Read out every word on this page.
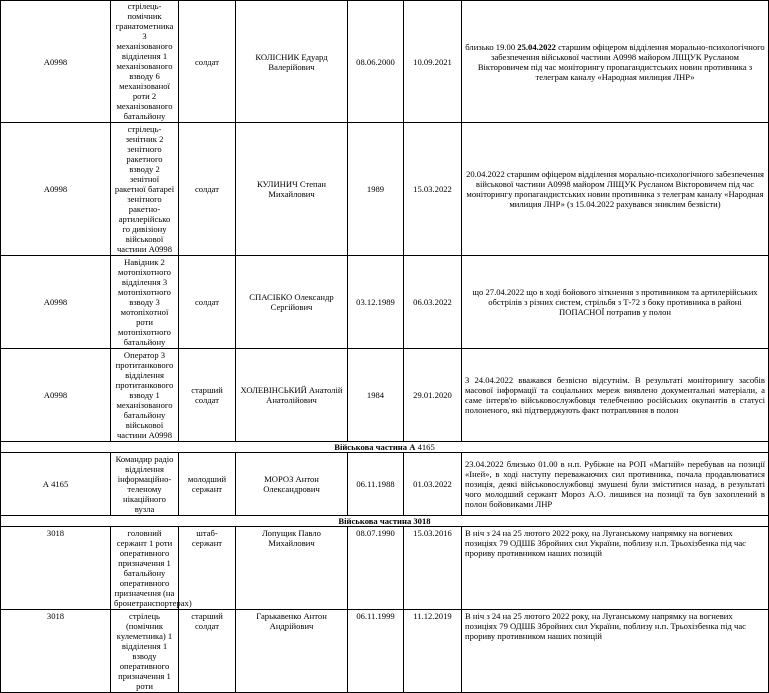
A0998	стрілець-помічник гранатометника 3 механізованого відділення 1 механізованого взводу 6 механізованої роти 2 механізованого батальйону	солдат	КОЛІСНИК Едуард Валерійович	08.06.2000	10.09.2021	близько 19.00 25.04.2022 старшим офіцером відділення морально-психологічного забезпечення військової частини А0998 майором ЛІЩУК Русланом Вікторовичем під час моніторингу пропагандистських новин противника з телеграм каналу «Народная милиция ЛНР»
A0998	стрілець-зенітник 2 зенітного ракетного взводу 2 зенітної ракетної батареї зенітного ракетно-артилерійсько го дивізіону військової частини А0998	солдат	КУЛИНИЧ Степан Михайлович	1989	15.03.2022	20.04.2022 старшим офіцером відділення морально-психологічного забезпечення військової частини А0998 майором ЛІЩУК Русланом Вікторовичем під час моніторингу пропагандистських новин противника з телеграм каналу «Народная милиция ЛНР» (з 15.04.2022 рахувався зниклим безвісти)
A0998	Навідник 2 мотопіхотного відділення 3 мотопіхотного взводу 3 мотопіхотної роти мотопіхотного батальйону	солдат	СПАСІБКО Олександр Сергійович	03.12.1989	06.03.2022	що 27.04.2022 що в ході бойового зіткнення з противником та артилерійських обстрілів з різних систем, стрільбя з Т-72 з боку противника в районі ПОПАСНОЇ потрапив у полон
A0998	Оператор 3 протитанкового відділення протитанкового взводу 1 механізованого батальйону військової частини А0998	старший солдат	ХОЛЕВІНСЬКИЙ Анатолій Анатолійович	1984	29.01.2020	З 24.04.2022 вважався безвісно відсутнім. В результаті моніторингу засобів масової інформації та соціальних мереж виявлено документальні матеріали, а саме інтерв'ю військовослужбовця телебченню російських окупантів в статусі полоненого, які підтверджують факт потрапляння в полон
Військова частина А 4165						
А 4165	Командир радіо відділення інформаційно-теленому нікаційного вузла	молодший сержант	МОРОЗ Антон Олександрович	06.11.1988	01.03.2022	23.04.2022 близько 01.00 в н.п. Рубіжне на РОП «Магній» перебував на позиції «Іней», в ході наступу переважаючих сил противника, почала продавлюватися позиція, деякі військовослужбовці змушені були зміститися назад, в результаті чого молодший сержант Мороз А.О. лишився на позиції та був захоплений в полон бойовиками ЛНР
Військова частина 3018						
3018	головний сержант 1 роти оперативного призначення 1 батальйону оперативного призначення (на бронетранспортерах)	штаб-сержант	Лопущик Павло Михайлович	08.07.1990	15.03.2016	В ніч з 24 на 25 лютого 2022 року, на Луганському напрямку на вогневих позиціях 79 ОДШБ Збройних сил України, поблизу н.п. Трьохізбенка під час прориву противником наших позицій
3018	стрілець (помічник кулеметника) 1 відділення 1 взводу оперативного призначення 1 роти	старший солдат	Гарькавенко Антон Андрійович	06.11.1999	11.12.2019	В ніч з 24 на 25 лютого 2022 року, на Луганському напрямку на вогневих позиціях 79 ОДШБ Збройних сил України, поблизу н.п. Трьохізбенка під час прориву противником наших позицій
